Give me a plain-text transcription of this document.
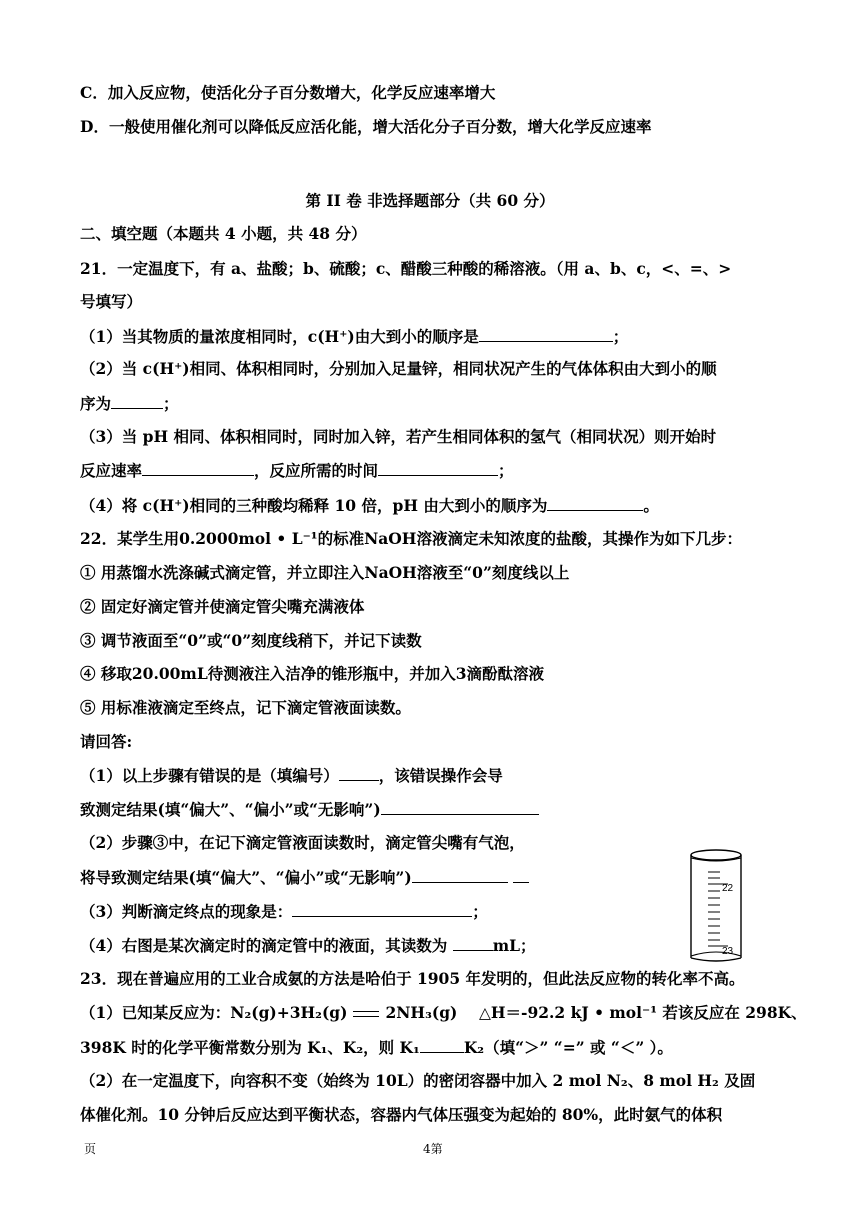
C．加入反应物，使活化分子百分数增大，化学反应速率增大
D．一般使用催化剂可以降低反应活化能，增大活化分子百分数，增大化学反应速率
第 II 卷 非选择题部分（共 60 分）
二、填空题（本题共 4 小题，共 48 分）
21．一定温度下，有 a、盐酸；b、硫酸；c、醋酸三种酸的稀溶液。（用 a、b、c，<、=、>
号填写）
（1）当其物质的量浓度相同时，c(H⁺)由大到小的顺序是	；
（2）当 c(H⁺)相同、体积相同时，分别加入足量锌，相同状况产生的气体体积由大到小的顺
序为	；
（3）当 pH 相同、体积相同时，同时加入锌，若产生相同体积的氢气（相同状况）则开始时
反应速率	，反应所需的时间	；
（4）将 c(H⁺)相同的三种酸均稀释 10 倍，pH 由大到小的顺序为	。
22．某学生用0.2000mol • L⁻¹的标准NaOH溶液滴定未知浓度的盐酸，其操作为如下几步：
① 用蒸馏水洗涤碱式滴定管，并立即注入NaOH溶液至“0”刻度线以上
② 固定好滴定管并使滴定管尖嘴充满液体
③ 调节液面至“0”或“0”刻度线稍下，并记下读数
④ 移取20.00mL待测液注入洁净的锥形瓶中，并加入3滴酚酞溶液
⑤ 用标准液滴定至终点，记下滴定管液面读数。
请回答:
（1）以上步骤有错误的是（填编号）	，该错误操作会导
致测定结果(填“偏大”、“偏小”或“无影响”)
（2）步骤③中，在记下滴定管液面读数时，滴定管尖嘴有气泡，
将导致测定结果(填“偏大”、“偏小”或“无影响”)
（3）判断滴定终点的现象是：	；
（4）右图是某次滴定时的滴定管中的液面，其读数为	mL；
22
23
23．现在普遍应用的工业合成氨的方法是哈伯于 1905 年发明的，但此法反应物的转化率不高。
（1）已知某反应为：N₂(g)+3H₂(g) 2NH₃(g) △H＝-92.2 kJ • mol⁻¹ 若该反应在 298K、
398K 时的化学平衡常数分别为 K₁、K₂，则 K₁	K₂（填“＞” “=” 或 “＜” ）。
（2）在一定温度下，向容积不变（始终为 10L）的密闭容器中加入 2 mol N₂、8 mol H₂ 及固
体催化剂。10 分钟后反应达到平衡状态，容器内气体压强变为起始的 80%，此时氨气的体积
页	4第
